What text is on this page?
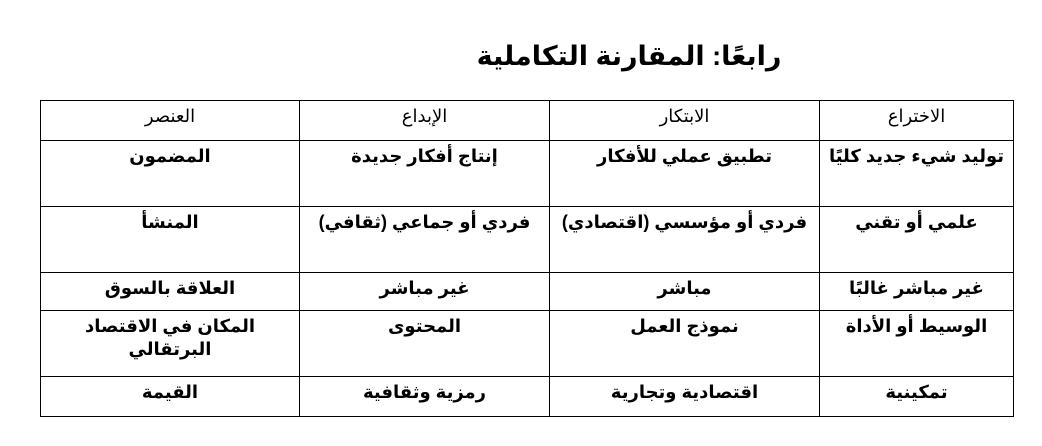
رابعًا: المقارنة التكاملية
العنصر	الإبداع	الابتكار	الاختراع
المضمون	إنتاج أفكار جديدة	تطبيق عملي للأفكار	توليد شيء جديد كليًا
المنشأ	فردي أو جماعي (ثقافي)	فردي أو مؤسسي (اقتصادي)	علمي أو تقني
العلاقة بالسوق	غير مباشر	مباشر	غير مباشر غالبًا
المكان في الاقتصاد البرتقالي	المحتوى	نموذج العمل	الوسيط أو الأداة
القيمة	رمزية وثقافية	اقتصادية وتجارية	تمكينية
